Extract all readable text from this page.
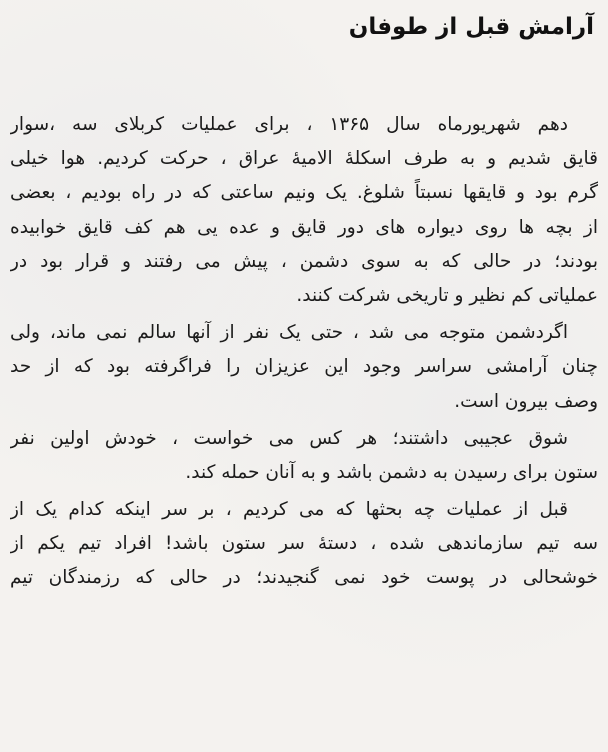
آرامش قبل از طوفان
دهم شهریورماه سال ۱۳۶۵ ، برای عملیات کربلای سه ،سوار
قایق شدیم و به طرف اسکلهٔ الامیهٔ عراق ، حرکت کردیم. هوا خیلی
گرم بود و قایقها نسبتاً شلوغ. یک ونیم ساعتی که در راه بودیم ، بعضی
از بچه ها روی دیواره های دور قایق و عده یی هم کف قایق خوابیده
بودند؛ در حالی که به سوی دشمن ، پیش می رفتند و قرار بود در
عملیاتی کم نظیر و تاریخی شرکت کنند.
اگردشمن متوجه می شد ، حتی یک نفر از آنها سالم نمی ماند، ولی
چنان آرامشی سراسر وجود این عزیزان را فراگرفته بود که از حد
وصف بیرون است.
شوق عجیبی داشتند؛ هر کس می خواست ، خودش اولین نفر
ستون برای رسیدن به دشمن باشد و به آنان حمله کند.
قبل از عملیات چه بحثها که می کردیم ، بر سر اینکه کدام یک از
سه تیم سازماندهی شده ، دستهٔ سر ستون باشد! افراد تیم یکم از
خوشحالی در پوست خود نمی گنجیدند؛ در حالی که رزمندگان تیم
